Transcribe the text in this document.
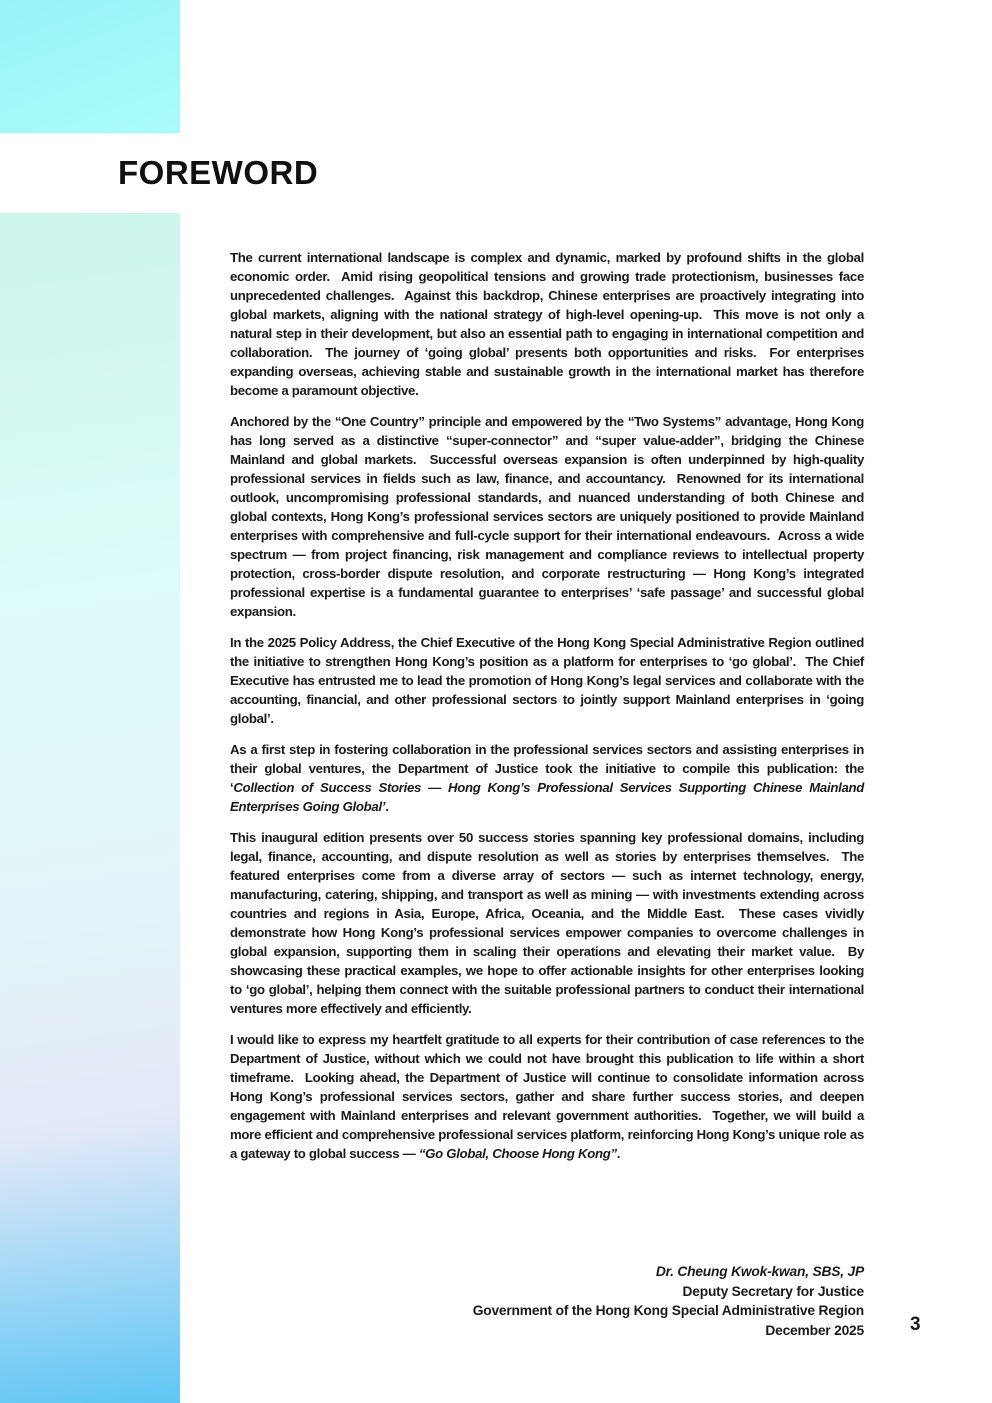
FOREWORD

The current international landscape is complex and dynamic, marked by profound shifts in the global economic order.  Amid rising geopolitical tensions and growing trade protectionism, businesses face unprecedented challenges.  Against this backdrop, Chinese enterprises are proactively integrating into global markets, aligning with the national strategy of high-level opening-up.  This move is not only a natural step in their development, but also an essential path to engaging in international competition and collaboration.  The journey of ‘going global’ presents both opportunities and risks.  For enterprises expanding overseas, achieving stable and sustainable growth in the international market has therefore become a paramount objective.

Anchored by the “One Country” principle and empowered by the “Two Systems” advantage, Hong Kong has long served as a distinctive “super-connector” and “super value-adder”, bridging the Chinese Mainland and global markets.  Successful overseas expansion is often underpinned by high-quality professional services in fields such as law, finance, and accountancy.  Renowned for its international outlook, uncompromising professional standards, and nuanced understanding of both Chinese and global contexts, Hong Kong’s professional services sectors are uniquely positioned to provide Mainland enterprises with comprehensive and full-cycle support for their international endeavours.  Across a wide spectrum — from project financing, risk management and compliance reviews to intellectual property protection, cross-border dispute resolution, and corporate restructuring — Hong Kong’s integrated professional expertise is a fundamental guarantee to enterprises’ ‘safe passage’ and successful global expansion.

In the 2025 Policy Address, the Chief Executive of the Hong Kong Special Administrative Region outlined the initiative to strengthen Hong Kong’s position as a platform for enterprises to ‘go global’.  The Chief Executive has entrusted me to lead the promotion of Hong Kong’s legal services and collaborate with the accounting, financial, and other professional sectors to jointly support Mainland enterprises in ‘going global’.

As a first step in fostering collaboration in the professional services sectors and assisting enterprises in their global ventures, the Department of Justice took the initiative to compile this publication: the ‘Collection of Success Stories — Hong Kong’s Professional Services Supporting Chinese Mainland Enterprises Going Global’.

This inaugural edition presents over 50 success stories spanning key professional domains, including legal, finance, accounting, and dispute resolution as well as stories by enterprises themselves.  The featured enterprises come from a diverse array of sectors — such as internet technology, energy, manufacturing, catering, shipping, and transport as well as mining — with investments extending across countries and regions in Asia, Europe, Africa, Oceania, and the Middle East.  These cases vividly demonstrate how Hong Kong’s professional services empower companies to overcome challenges in global expansion, supporting them in scaling their operations and elevating their market value.  By showcasing these practical examples, we hope to offer actionable insights for other enterprises looking to ‘go global’, helping them connect with the suitable professional partners to conduct their international ventures more effectively and efficiently.

I would like to express my heartfelt gratitude to all experts for their contribution of case references to the Department of Justice, without which we could not have brought this publication to life within a short timeframe.  Looking ahead, the Department of Justice will continue to consolidate information across Hong Kong’s professional services sectors, gather and share further success stories, and deepen engagement with Mainland enterprises and relevant government authorities.  Together, we will build a more efficient and comprehensive professional services platform, reinforcing Hong Kong’s unique role as a gateway to global success — “Go Global, Choose Hong Kong”.

Dr. Cheung Kwok-kwan, SBS, JP
Deputy Secretary for Justice
Government of the Hong Kong Special Administrative Region
December 2025 3
